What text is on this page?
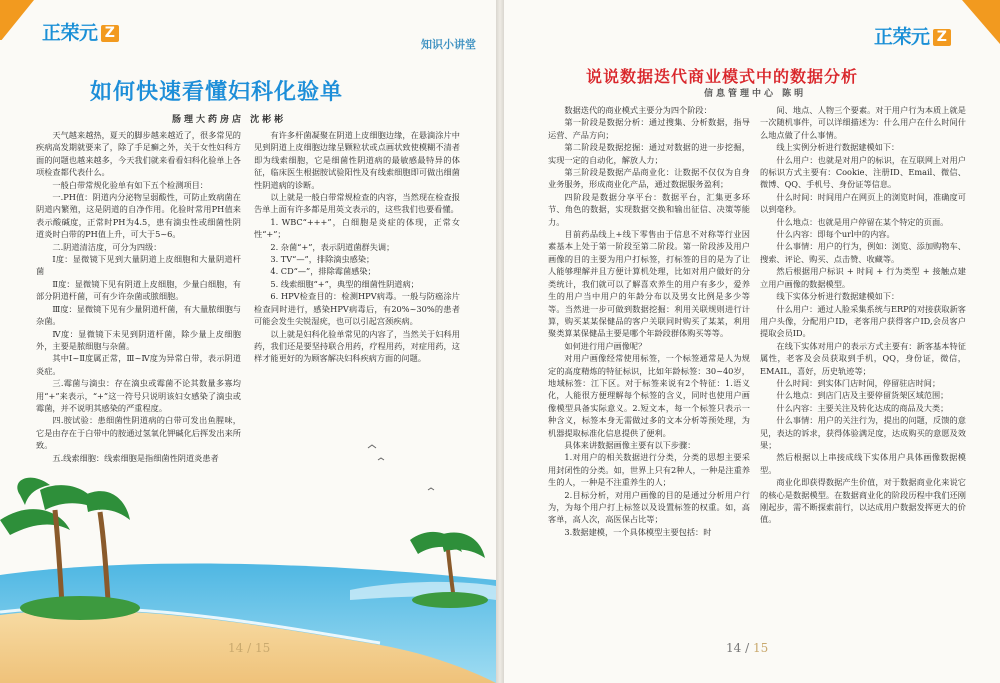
正荣元 Z
知识小讲堂
如何快速看懂妇科化验单
肠理大药房店 沈彬彬

天气越来越热，夏天的脚步越来越近了，很多常见的疾病高发期就要来了，除了手足癣之外，关于女性妇科方面的问题也越来越多，今天我们就来看看妇科化验单上各项检查都代表什么。

一般白带常规化验单有如下五个检测项目：

一.PH值：阴道内分泌物呈弱酸性，可防止致病菌在阴道内繁殖，这是阴道的自净作用。化验时常用PH值来表示酸碱度，正常时PH为4.5，患有滴虫性或细菌性阴道炎时白带的PH值上升，可大于5~6。

二.阴道清洁度，可分为四级：

Ⅰ度：显微镜下见到大量阴道上皮细胞和大量阴道杆菌

Ⅱ度：显微镜下见有阴道上皮细胞，少量白细胞，有部分阴道杆菌，可有少许杂菌或脓细胞。

Ⅲ度：显微镜下见有少量阴道杆菌，有大量脓细胞与杂菌。

Ⅳ度：显微镜下未见到阴道杆菌，除少量上皮细胞外，主要是脓细胞与杂菌。

其中Ⅰ~Ⅱ度属正常，Ⅲ~Ⅳ度为异常白带，表示阴道炎症。

三.霉菌与滴虫：存在滴虫或霉菌不论其数量多寡均用“+”来表示，“+”这一符号只说明该妇女感染了滴虫或霉菌，并不说明其感染的严重程度。

四.胺试验：患细菌性阴道病的白带可发出鱼腥味，它是由存在于白带中的胺通过氢氧化钾碱化后挥发出来所致。

五.线索细胞：线索细胞是指细菌性阴道炎患者

有许多杆菌凝聚在阴道上皮细胞边缘，在悬滴涂片中见到阴道上皮细胞边缘呈颗粒状或点画状致使模糊不清者即为线索细胞，它是细菌性阴道病的最敏感最特异的体征，临床医生根据胺试验阳性及有线索细胞即可做出细菌性阴道病的诊断。

以上就是一般白带常规检查的内容，当然现在检查报告单上面有许多都是用英文表示的，这些我们也要看懂。

1. WBC“+++”，白细胞是炎症的体现，正常女性“+”；

2. 杂菌“+”，表示阴道菌群失调；

3. TV“—”，排除滴虫感染；

4. CD“—”，排除霉菌感染；

5. 线索细胞“+”，典型的细菌性阴道病；

6. HPV检查目的：检测HPV病毒。一般与防癌涂片检查同时进行，感染HPV病毒后，有20%~30%的患者可能会发生尖锐湿疣，也可以引起宫颈疾病。

以上就是妇科化验单常见的内容了，当然关于妇科用药，我们还是要坚持联合用药，疗程用药，对症用药，这样才能更好的为顾客解决妇科疾病方面的问题。

14 / 15
正荣元 Z
说说数据迭代商业模式中的数据分析
信息管理中心 陈明

数据迭代的商业模式主要分为四个阶段：

第一阶段是数据分析：通过搜集、分析数据，指导运营、产品方向；

第二阶段是数据挖掘：通过对数据的进一步挖掘，实现一定的自动化，解放人力；

第三阶段是数据产品商业化：让数据不仅仅为自身业务服务，形成商业化产品，通过数据服务盈利；

四阶段是数据分享平台：数据平台，汇集更多环节、角色的数据，实现数据交换和输出征信、决策等能力。

目前药品线上+线下零售由于信息不对称等行业因素基本上处于第一阶段至第二阶段。第一阶段涉及用户画像的目的主要为用户打标签，打标签的目的是为了让人能够理解并且方便计算机处理，比如对用户做好的分类统计，我们就可以了解喜欢养生的用户有多少，爱养生的用户当中用户的年龄分布以及男女比例是多少等等。当然进一步可做到数据挖掘：利用关联规则进行计算，购买某某保健品的客户关联同时购买了某某，利用聚类算某保健品主要是哪个年龄段群体购买等等。

如何进行用户画像呢？

对用户画像经常使用标签，一个标签通常是人为规定的高度精炼的特征标识，比如年龄标签：30~40岁，地域标签：江下区。对于标签来说有2个特征：1.语义化，人能很方便理解每个标签的含义，同时也使用户画像模型具备实际意义。2.短文本，每一个标签只表示一种含义，标签本身无需做过多的文本分析等预处理，为机器提取标准化信息提供了便利。

具体来讲数据画像主要有以下步骤：

1.对用户的相关数据进行分类，分类的思想主要采用封闭性的分类。如，世界上只有2种人，一种是注重养生的人，一种是不注重养生的人；

2.目标分析，对用户画像的目的是通过分析用户行为，为每个用户打上标签以及设置标签的权重。如，高客单，高人次，高医保占比等；

3.数据建模，一个具体模型主要包括：时

间、地点、人物三个要素。对于用户行为本质上就是一次随机事件，可以详细描述为：什么用户在什么时间什么地点做了什么事情。

线上实例分析进行数据建模如下：

什么用户：也就是对用户的标识，在互联网上对用户的标识方式主要有：Cookie、注册ID、Email、微信、微博、QQ、手机号、身份证等信息。

什么时间：时间用户在网页上的浏览时间，准确度可以到毫秒。

什么地点：也就是用户停留在某个特定的页面。

什么内容：即每个url中的内容。

什么事情：用户的行为，例如：浏览、添加购物车、搜索、评论、购买、点击赞、收藏等。

然后根据用户标识 + 时间 + 行为类型 + 接触点建立用户画像的数据模型。

线下实体分析进行数据建模如下：

什么用户：通过人脸采集系统与ERP的对接获取新客用户头像，分配用户ID，老客用户获得客户ID,会员客户提取会员ID。

在线下实体对用户的表示方式主要有：新客基本特征属性，老客及会员获取到手机，QQ，身份证，微信，EMAIL，喜好，历史轨迹等；

什么时间：到实体门店时间，停留驻店时间；

什么地点：到店门店及主要停留货架区域范围；

什么内容：主要关注及转化达成的商品及大类；

什么事情：用户的关注行为，提出的问题，反馈的意见，表达的诉求，获得体验满足度，达成购买的意愿及效果；

然后根据以上串接成线下实体用户具体画像数据模型。

商业化即获得数据产生价值，对于数据商业化来说它的核心是数据模型。在数据商业化的阶段历程中我们还刚刚起步，需不断探索前行，以达成用户数据发挥更大的价值。

14 / 15
